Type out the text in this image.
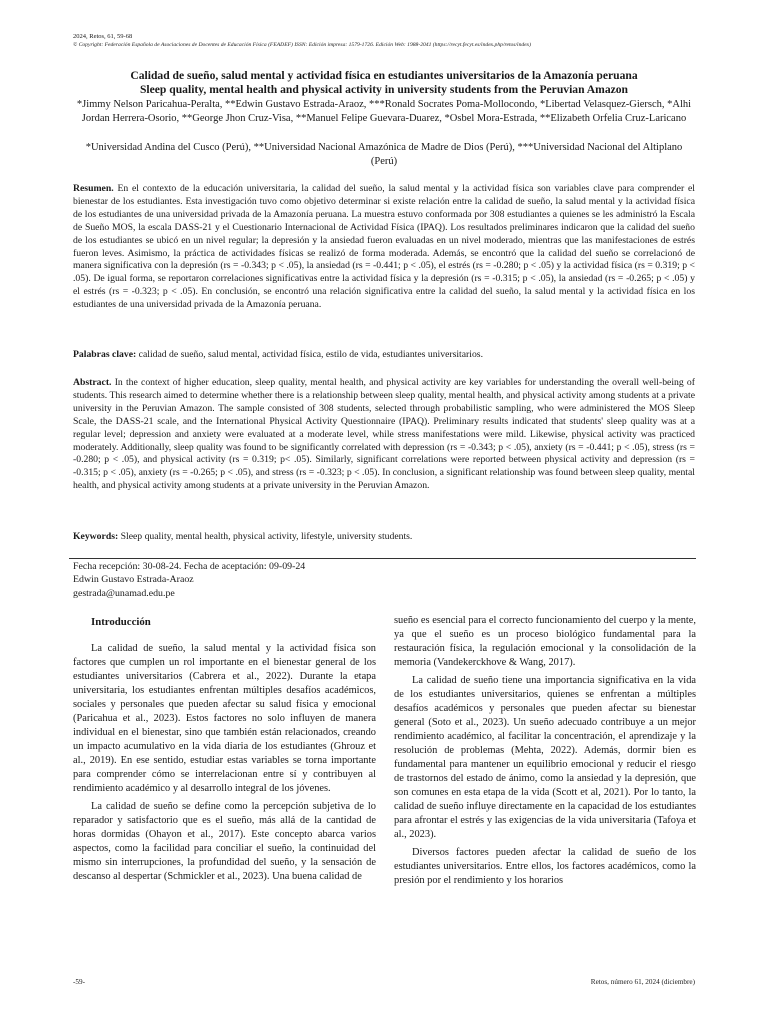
2024, Retos, 61, 59-68
© Copyright: Federación Española de Asociaciones de Docentes de Educación Física (FEADEF) ISSN: Edición impresa: 1579-1726. Edición Web: 1988-2041 (https://recyt.fecyt.es/index.php/retos/index)
Calidad de sueño, salud mental y actividad física en estudiantes universitarios de la Amazonía peruana
Sleep quality, mental health and physical activity in university students from the Peruvian Amazon
*Jimmy Nelson Paricahua-Peralta, **Edwin Gustavo Estrada-Araoz, ***Ronald Socrates Poma-Mollocondo, *Libertad Velasquez-Giersch, *Alhi Jordan Herrera-Osorio, **George Jhon Cruz-Visa, **Manuel Felipe Guevara-Duarez, *Osbel Mora-Estrada, **Elizabeth Orfelia Cruz-Laricano
*Universidad Andina del Cusco (Perú), **Universidad Nacional Amazónica de Madre de Dios (Perú), ***Universidad Nacional del Altiplano (Perú)
Resumen. En el contexto de la educación universitaria, la calidad del sueño, la salud mental y la actividad física son variables clave para comprender el bienestar de los estudiantes. Esta investigación tuvo como objetivo determinar si existe relación entre la calidad de sueño, la salud mental y la actividad física de los estudiantes de una universidad privada de la Amazonía peruana. La muestra estuvo conformada por 308 estudiantes a quienes se les administró la Escala de Sueño MOS, la escala DASS-21 y el Cuestionario Internacional de Actividad Física (IPAQ). Los resultados preliminares indicaron que la calidad del sueño de los estudiantes se ubicó en un nivel regular; la depresión y la ansiedad fueron evaluadas en un nivel moderado, mientras que las manifestaciones de estrés fueron leves. Asimismo, la práctica de actividades físicas se realizó de forma moderada. Además, se encontró que la calidad del sueño se correlacionó de manera significativa con la depresión (rs = -0.343; p < .05), la ansiedad (rs = -0.441; p < .05), el estrés (rs = -0.280; p < .05) y la actividad física (rs = 0.319; p < .05). De igual forma, se reportaron correlaciones significativas entre la actividad física y la depresión (rs = -0.315; p < .05), la ansiedad (rs = -0.265; p < .05) y el estrés (rs = -0.323; p < .05). En conclusión, se encontró una relación significativa entre la calidad del sueño, la salud mental y la actividad física en los estudiantes de una universidad privada de la Amazonía peruana.
Palabras clave: calidad de sueño, salud mental, actividad física, estilo de vida, estudiantes universitarios.
Abstract. In the context of higher education, sleep quality, mental health, and physical activity are key variables for understanding the overall well-being of students. This research aimed to determine whether there is a relationship between sleep quality, mental health, and physical activity among students at a private university in the Peruvian Amazon. The sample consisted of 308 students, selected through probabilistic sampling, who were administered the MOS Sleep Scale, the DASS-21 scale, and the International Physical Activity Questionnaire (IPAQ). Preliminary results indicated that students' sleep quality was at a regular level; depression and anxiety were evaluated at a moderate level, while stress manifestations were mild. Likewise, physical activity was practiced moderately. Additionally, sleep quality was found to be significantly correlated with depression (rs = -0.343; p < .05), anxiety (rs = -0.441; p < .05), stress (rs = -0.280; p < .05), and physical activity (rs = 0.319; p< .05). Similarly, significant correlations were reported between physical activity and depression (rs = -0.315; p < .05), anxiety (rs = -0.265; p < .05), and stress (rs = -0.323; p < .05). In conclusion, a significant relationship was found between sleep quality, mental health, and physical activity among students at a private university in the Peruvian Amazon.
Keywords: Sleep quality, mental health, physical activity, lifestyle, university students.
Fecha recepción: 30-08-24. Fecha de aceptación: 09-09-24
Edwin Gustavo Estrada-Araoz
gestrada@unamad.edu.pe
Introducción

La calidad de sueño, la salud mental y la actividad física son factores que cumplen un rol importante en el bienestar general de los estudiantes universitarios (Cabrera et al., 2022). Durante la etapa universitaria, los estudiantes enfrentan múltiples desafíos académicos, sociales y personales que pueden afectar su salud física y emocional (Paricahua et al., 2023). Estos factores no solo influyen de manera individual en el bienestar, sino que también están relacionados, creando un impacto acumulativo en la vida diaria de los estudiantes (Ghrouz et al., 2019). En ese sentido, estudiar estas variables se torna importante para comprender cómo se interrelacionan entre sí y contribuyen al rendimiento académico y al desarrollo integral de los jóvenes.

La calidad de sueño se define como la percepción subjetiva de lo reparador y satisfactorio que es el sueño, más allá de la cantidad de horas dormidas (Ohayon et al., 2017). Este concepto abarca varios aspectos, como la facilidad para conciliar el sueño, la continuidad del mismo sin interrupciones, la profundidad del sueño, y la sensación de descanso al despertar (Schmickler et al., 2023). Una buena calidad de

sueño es esencial para el correcto funcionamiento del cuerpo y la mente, ya que el sueño es un proceso biológico fundamental para la restauración física, la regulación emocional y la consolidación de la memoria (Vandekerckhove & Wang, 2017).

La calidad de sueño tiene una importancia significativa en la vida de los estudiantes universitarios, quienes se enfrentan a múltiples desafíos académicos y personales que pueden afectar su bienestar general (Soto et al., 2023). Un sueño adecuado contribuye a un mejor rendimiento académico, al facilitar la concentración, el aprendizaje y la resolución de problemas (Mehta, 2022). Además, dormir bien es fundamental para mantener un equilibrio emocional y reducir el riesgo de trastornos del estado de ánimo, como la ansiedad y la depresión, que son comunes en esta etapa de la vida (Scott et al, 2021). Por lo tanto, la calidad de sueño influye directamente en la capacidad de los estudiantes para afrontar el estrés y las exigencias de la vida universitaria (Tafoya et al., 2023).

Diversos factores pueden afectar la calidad de sueño de los estudiantes universitarios. Entre ellos, los factores académicos, como la presión por el rendimiento y los horarios

-59-	Retos, número 61, 2024 (diciembre)
